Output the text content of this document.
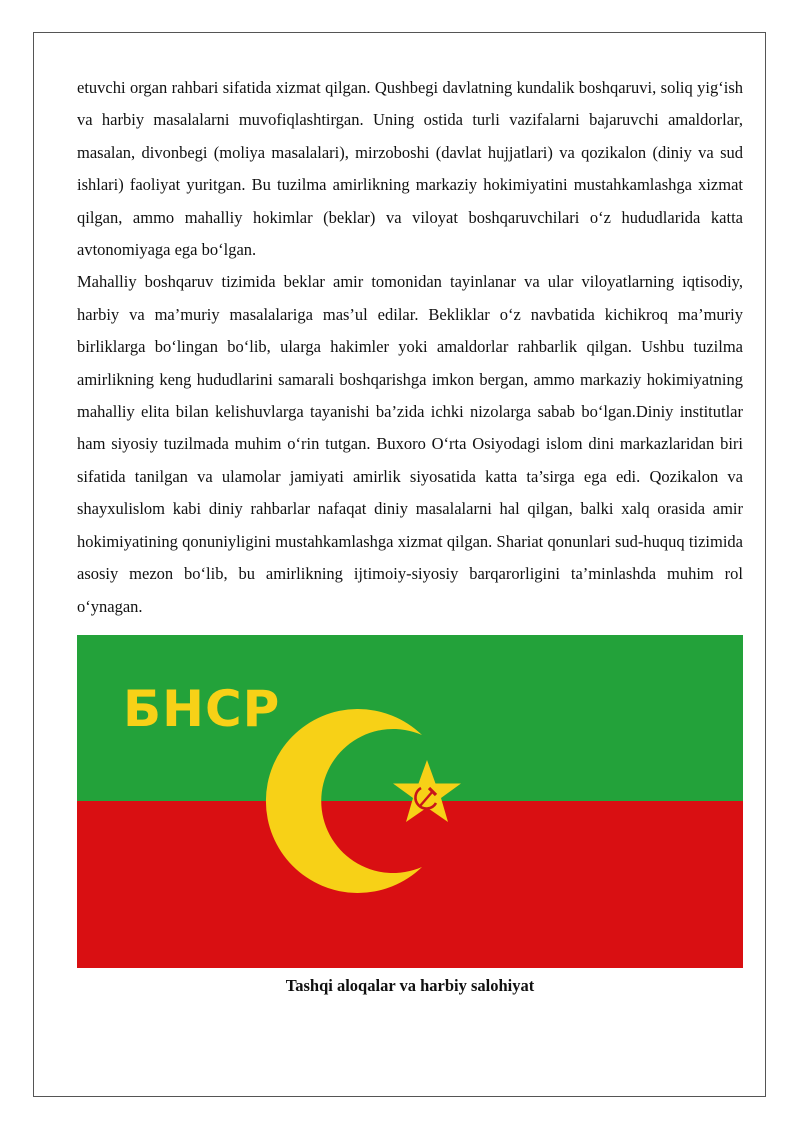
etuvchi organ rahbari sifatida xizmat qilgan. Qushbegi davlatning kundalik boshqaruvi, soliq yig‘ish va harbiy masalalarni muvofiqlashtirgan. Uning ostida turli vazifalarni bajaruvchi amaldorlar, masalan, divonbegi (moliya masalalari), mirzoboshi (davlat hujjatlari) va qozikalon (diniy va sud ishlari) faoliyat yuritgan. Bu tuzilma amirlikning markaziy hokimiyatini mustahkamlashga xizmat qilgan, ammo mahalliy hokimlar (beklar) va viloyat boshqaruvchilari o‘z hududlarida katta avtonomiyaga ega bo‘lgan.

Mahalliy boshqaruv tizimida beklar amir tomonidan tayinlanar va ular viloyatlarning iqtisodiy, harbiy va ma’muriy masalalariga mas’ul edilar. Bekliklar o‘z navbatida kichikroq ma’muriy birliklarga bo‘lingan bo‘lib, ularga hakimler yoki amaldorlar rahbarlik qilgan. Ushbu tuzilma amirlikning keng hududlarini samarali boshqarishga imkon bergan, ammo markaziy hokimiyatning mahalliy elita bilan kelishuvlarga tayanishi ba’zida ichki nizolarga sabab bo‘lgan.Diniy institutlar ham siyosiy tuzilmada muhim o‘rin tutgan. Buxoro O‘rta Osiyodagi islom dini markazlaridan biri sifatida tanilgan va ulamolar jamiyati amirlik siyosatida katta ta’sirga ega edi. Qozikalon va shayxulislom kabi diniy rahbarlar nafaqat diniy masalalarni hal qilgan, balki xalq orasida amir hokimiyatining qonuniyligini mustahkamlashga xizmat qilgan. Shariat qonunlari sud-huquq tizimida asosiy mezon bo‘lib, bu amirlikning ijtimoiy-siyosiy barqarorligini ta’minlashda muhim rol o‘ynagan.

БНСР
Tashqi aloqalar va harbiy salohiyat
